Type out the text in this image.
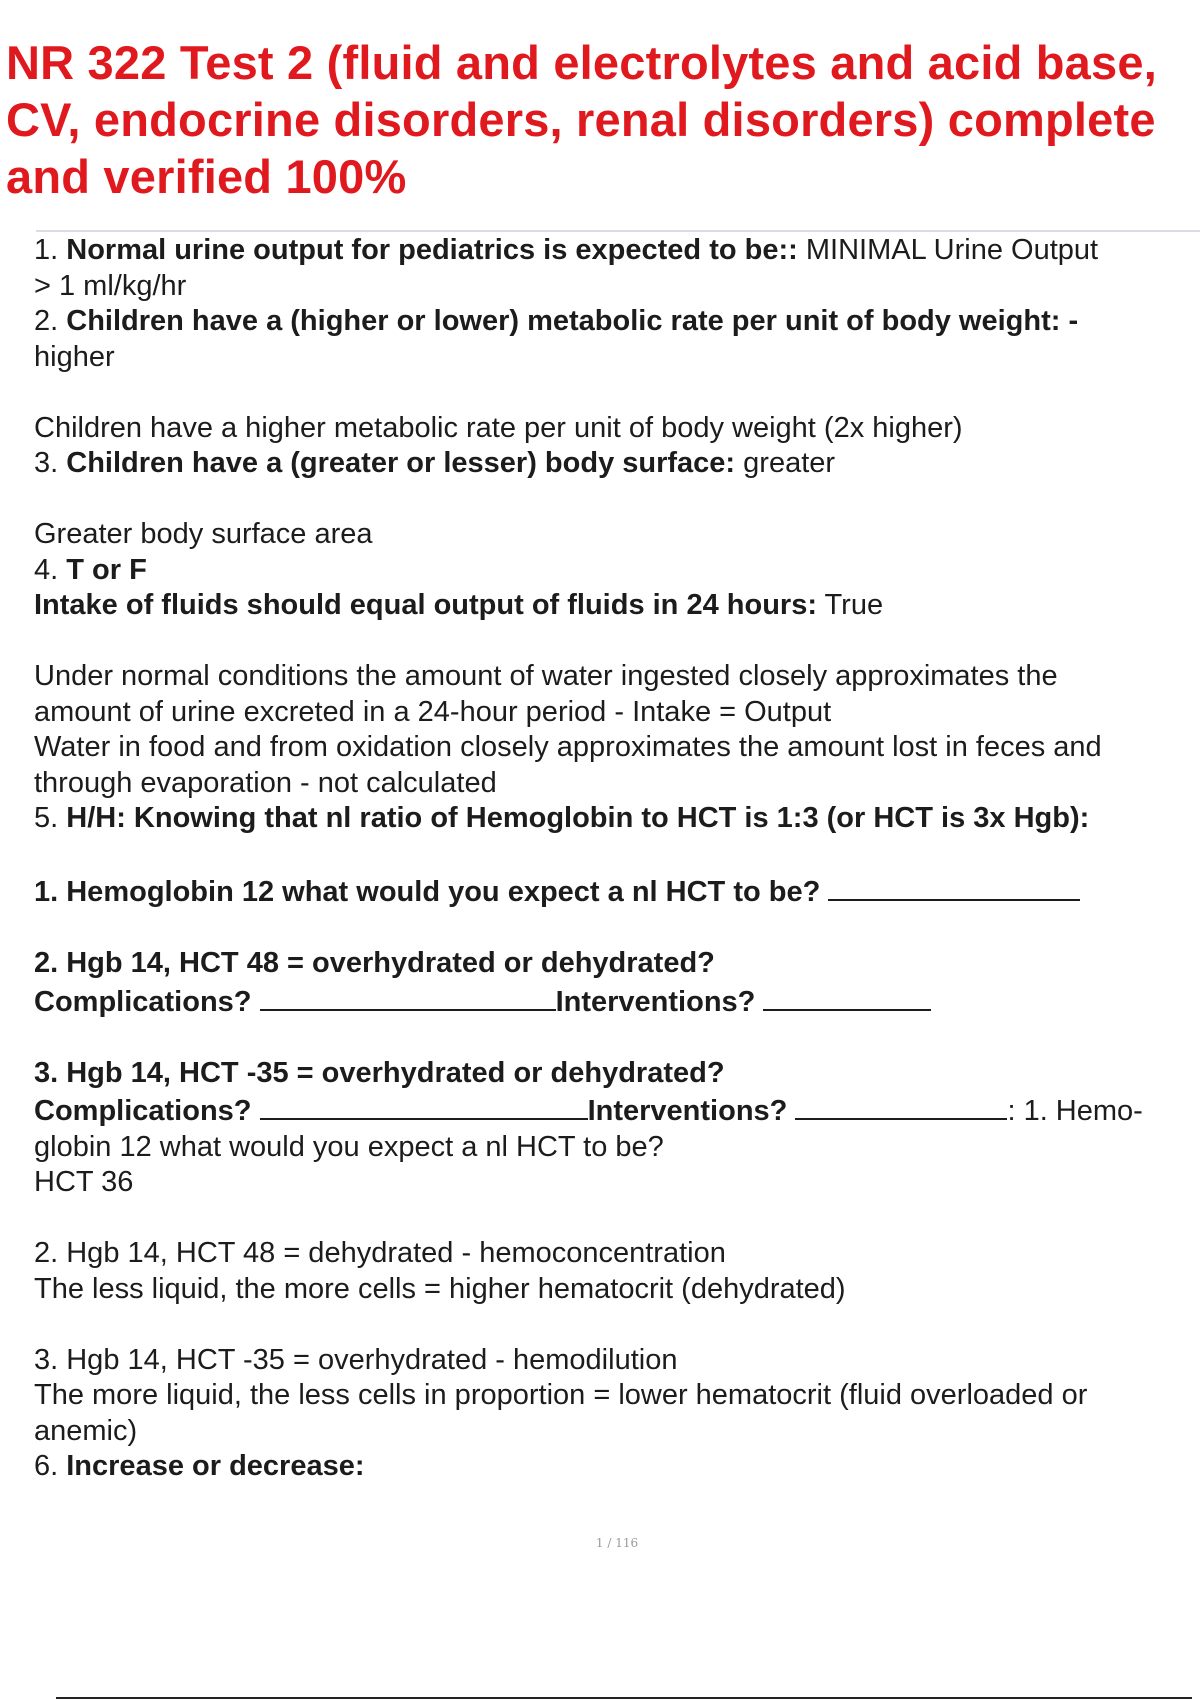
NR 322 Test 2 (fluid and electrolytes and acid base, CV, endocrine disorders, renal disorders) complete and verified 100%

1. Normal urine output for pediatrics is expected to be:: MINIMAL Urine Output

> 1 ml/kg/hr

2. Children have a (higher or lower) metabolic rate per unit of body weight: -

higher

Children have a higher metabolic rate per unit of body weight (2x higher)

3. Children have a (greater or lesser) body surface: greater

Greater body surface area

4. T or F

Intake of fluids should equal output of fluids in 24 hours: True

Under normal conditions the amount of water ingested closely approximates the

amount of urine excreted in a 24-hour period - Intake = Output

Water in food and from oxidation closely approximates the amount lost in feces and

through evaporation - not calculated

5. H/H: Knowing that nl ratio of Hemoglobin to HCT is 1:3 (or HCT is 3x Hgb):

1. Hemoglobin 12 what would you expect a nl HCT to be?

2. Hgb 14, HCT 48 = overhydrated or dehydrated?

Complications?	Interventions?

3. Hgb 14, HCT -35 = overhydrated or dehydrated?

Complications?	Interventions?	: 1. Hemo-

globin 12 what would you expect a nl HCT to be?

HCT 36

2. Hgb 14, HCT 48 = dehydrated - hemoconcentration

The less liquid, the more cells = higher hematocrit (dehydrated)

3. Hgb 14, HCT -35 = overhydrated - hemodilution

The more liquid, the less cells in proportion = lower hematocrit (fluid overloaded or

anemic)

6. Increase or decrease:

1 / 116
